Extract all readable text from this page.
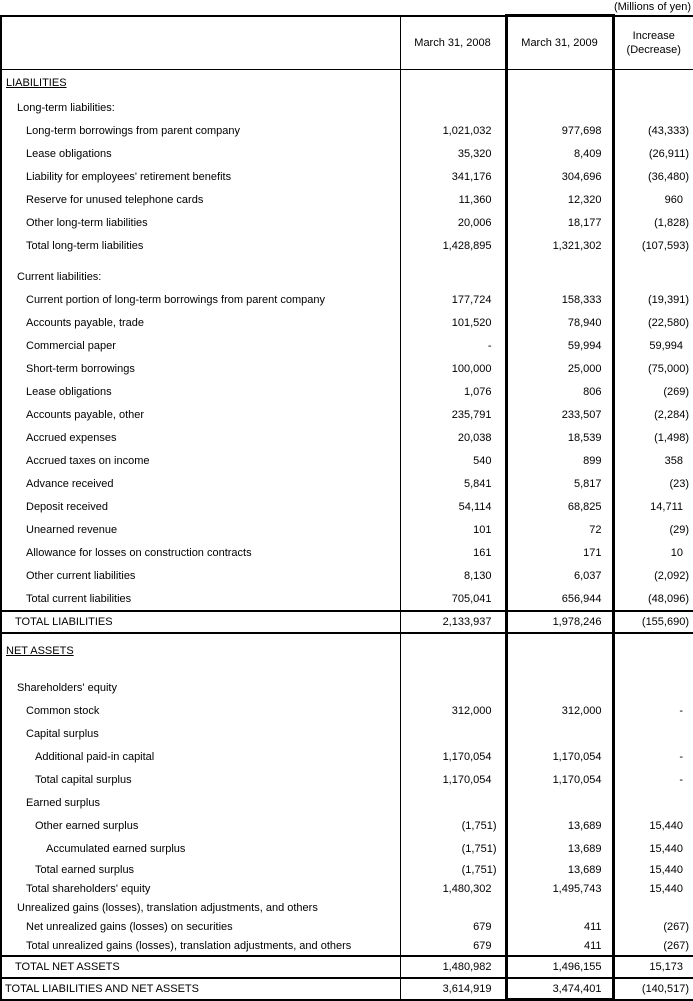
(Millions of yen)
	March 31, 2008	March 31, 2009	Increase (Decrease)
LIABILITIES			
Long-term liabilities:			
Long-term borrowings from parent company	1,021,032	977,698	(43,333)
Lease obligations	35,320	8,409	(26,911)
Liability for employees' retirement benefits	341,176	304,696	(36,480)
Reserve for unused telephone cards	11,360	12,320	960
Other long-term liabilities	20,006	18,177	(1,828)
Total long-term liabilities	1,428,895	1,321,302	(107,593)

Current liabilities:			
Current portion of long-term borrowings from parent company	177,724	158,333	(19,391)
Accounts payable, trade	101,520	78,940	(22,580)
Commercial paper	-	59,994	59,994
Short-term borrowings	100,000	25,000	(75,000)
Lease obligations	1,076	806	(269)
Accounts payable, other	235,791	233,507	(2,284)
Accrued expenses	20,038	18,539	(1,498)
Accrued taxes on income	540	899	358
Advance received	5,841	5,817	(23)
Deposit received	54,114	68,825	14,711
Unearned revenue	101	72	(29)
Allowance for losses on construction contracts	161	171	10
Other current liabilities	8,130	6,037	(2,092)
Total current liabilities	705,041	656,944	(48,096)
TOTAL LIABILITIES	2,133,937	1,978,246	(155,690)
NET ASSETS			

Shareholders' equity			
Common stock	312,000	312,000	-
Capital surplus			
Additional paid-in capital	1,170,054	1,170,054	-
Total capital surplus	1,170,054	1,170,054	-
Earned surplus			
Other earned surplus	(1,751)	13,689	15,440
Accumulated earned surplus	(1,751)	13,689	15,440
Total earned surplus	(1,751)	13,689	15,440
Total shareholders' equity	1,480,302	1,495,743	15,440
Unrealized gains (losses), translation adjustments, and others			
Net unrealized gains (losses) on securities	679	411	(267)
Total unrealized gains (losses), translation adjustments, and others	679	411	(267)
TOTAL NET ASSETS	1,480,982	1,496,155	15,173
TOTAL LIABILITIES AND NET ASSETS	3,614,919	3,474,401	(140,517)
